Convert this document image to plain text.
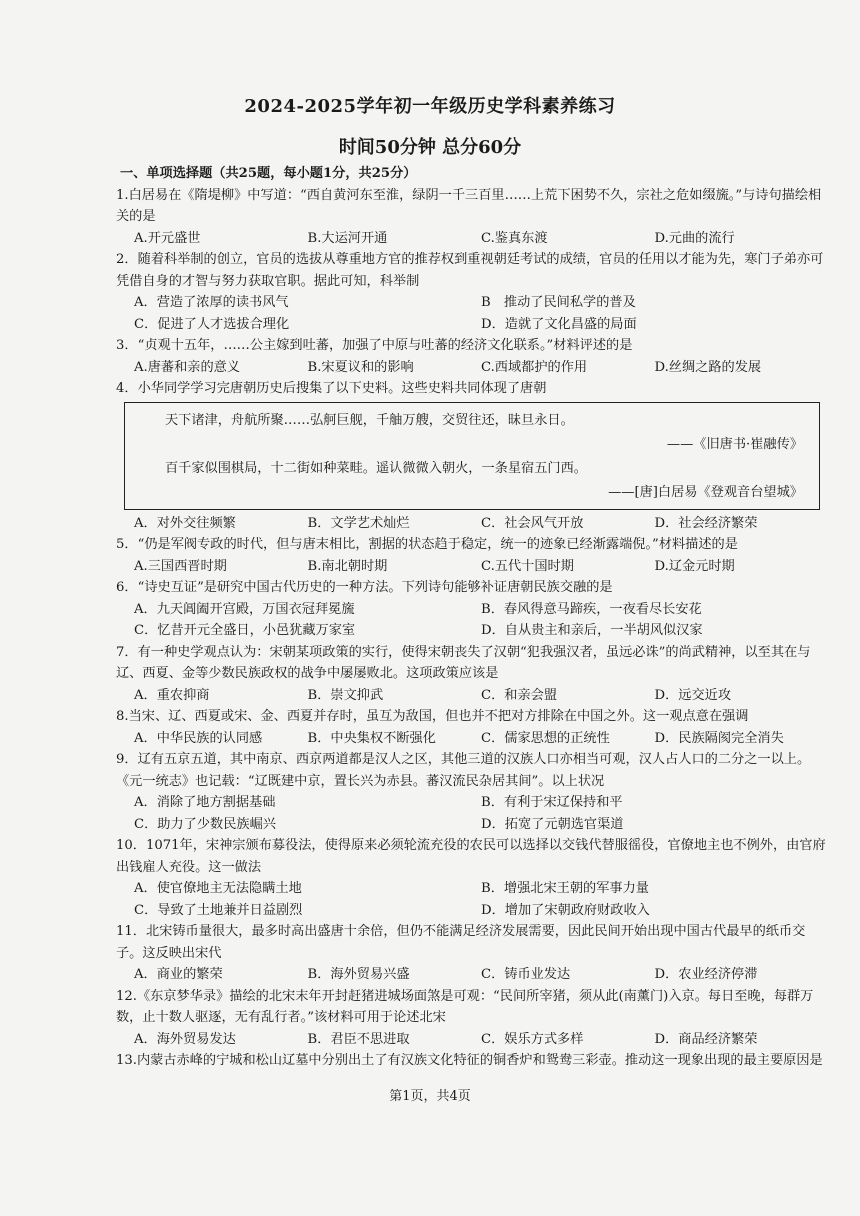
2024-2025学年初一年级历史学科素养练习
时间50分钟 总分60分
一、单项选择题（共25题，每小题1分，共25分）

1.白居易在《隋堤柳》中写道：“西自黄河东至淮，绿阴一千三百里……上荒下困势不久，宗社之危如缀旒。”与诗句描绘相关的是

A.开元盛世	B.大运河开通	C.鉴真东渡	D.元曲的流行

2．随着科举制的创立，官员的选拔从尊重地方官的推荐权到重视朝廷考试的成绩，官员的任用以才能为先，寒门子弟亦可凭借自身的才智与努力获取官职。据此可知，科举制

A．营造了浓厚的读书风气	B　推动了民间私学的普及
C．促进了人才选拔合理化	D．造就了文化昌盛的局面

3．“贞观十五年，……公主嫁到吐蕃，加强了中原与吐蕃的经济文化联系。”材料评述的是

A.唐蕃和亲的意义	B.宋夏议和的影响	C.西域都护的作用	D.丝绸之路的发展

4．小华同学学习完唐朝历史后搜集了以下史料。这些史料共同体现了唐朝

天下诸津，舟航所聚……弘舸巨舰，千舳万艘，交贸往还，昧旦永日。
——《旧唐书·崔融传》
百千家似围棋局，十二街如种菜畦。遥认微微入朝火，一条星宿五门西。
——[唐]白居易《登观音台望城》
A．对外交往频繁	B．文学艺术灿烂	C．社会风气开放	D．社会经济繁荣

5．“仍是军阀专政的时代，但与唐末相比，割据的状态趋于稳定，统一的迹象已经渐露端倪。”材料描述的是

A.三国西晋时期	B.南北朝时期	C.五代十国时期	D.辽金元时期

6．“诗史互证”是研究中国古代历史的一种方法。下列诗句能够补证唐朝民族交融的是

A．九天阊阖开宫殿，万国衣冠拜冕旒	B．春风得意马蹄疾，一夜看尽长安花
C．忆昔开元全盛日，小邑犹藏万家室	D．自从贵主和亲后，一半胡风似汉家

7．有一种史学观点认为：宋朝某项政策的实行，使得宋朝丧失了汉朝“犯我强汉者，虽远必诛”的尚武精神，以至其在与辽、西夏、金等少数民族政权的战争中屡屡败北。这项政策应该是

A．重农抑商	B．崇文抑武	C．和亲会盟	D．远交近攻

8.当宋、辽、西夏或宋、金、西夏并存时，虽互为敌国，但也并不把对方排除在中国之外。这一观点意在强调

A．中华民族的认同感	B．中央集权不断强化	C．儒家思想的正统性	D．民族隔阂完全消失

9．辽有五京五道，其中南京、西京两道都是汉人之区，其他三道的汉族人口亦相当可观，汉人占人口的二分之一以上。《元一统志》也记载：“辽既建中京，置长兴为赤县。蕃汉流民杂居其间”。以上状况

A．消除了地方割据基础	B．有利于宋辽保持和平
C．助力了少数民族崛兴	D．拓宽了元朝选官渠道

10．1071年，宋神宗颁布募役法，使得原来必须轮流充役的农民可以选择以交钱代替服徭役，官僚地主也不例外，由官府出钱雇人充役。这一做法

A．使官僚地主无法隐瞒土地	B．增强北宋王朝的军事力量
C．导致了土地兼并日益剧烈	D．增加了宋朝政府财政收入

11．北宋铸币量很大，最多时高出盛唐十余倍，但仍不能满足经济发展需要，因此民间开始出现中国古代最早的纸币交子。这反映出宋代

A．商业的繁荣	B．海外贸易兴盛	C．铸币业发达	D．农业经济停滞

12.《东京梦华录》描绘的北宋末年开封赶猪进城场面煞是可观：“民间所宰猪，须从此(南薰门)入京。每日至晚，每群万数，止十数人驱逐，无有乱行者。”该材料可用于论述北宋

A．海外贸易发达	B．君臣不思进取	C．娱乐方式多样	D．商品经济繁荣

13.内蒙古赤峰的宁城和松山辽墓中分别出土了有汉族文化特征的铜香炉和鸳鸯三彩壶。推动这一现象出现的最主要原因是

第1页，共4页
